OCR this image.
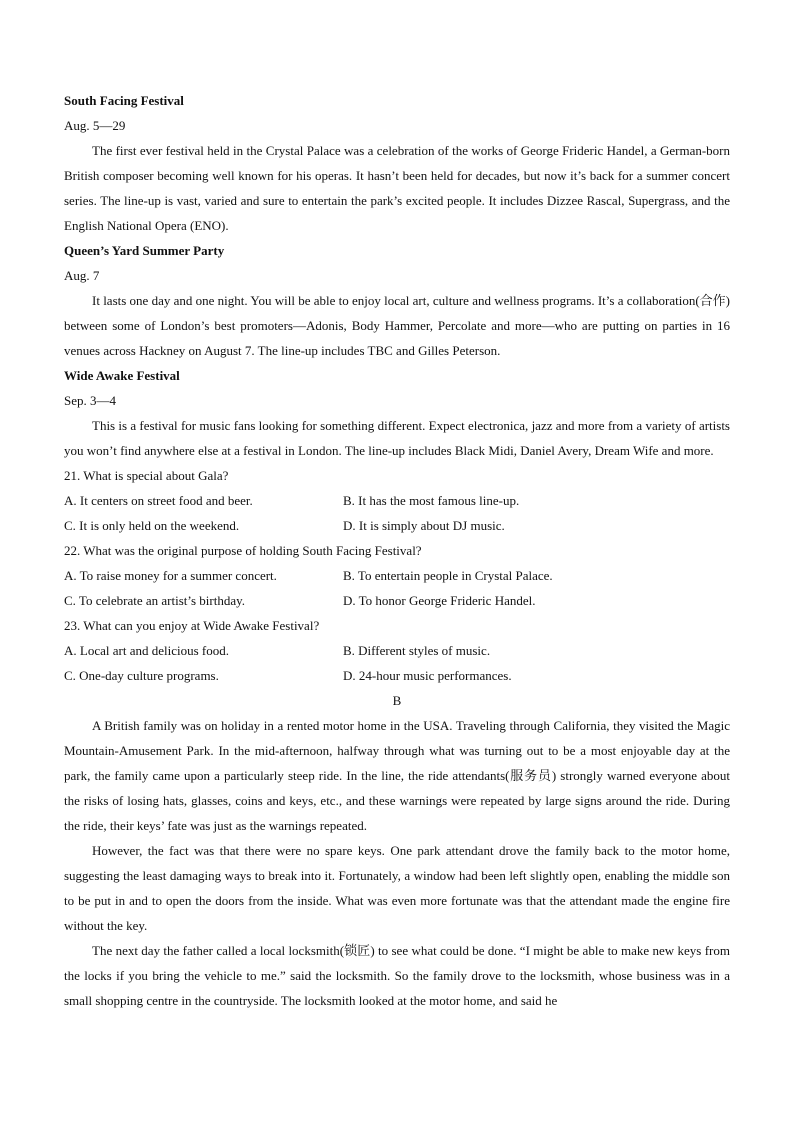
South Facing Festival
Aug. 5—29

The first ever festival held in the Crystal Palace was a celebration of the works of George Frideric Handel, a German-born British composer becoming well known for his operas. It hasn’t been held for decades, but now it’s back for a summer concert series. The line-up is vast, varied and sure to entertain the park’s excited people. It includes Dizzee Rascal, Supergrass, and the English National Opera (ENO).

Queen’s Yard Summer Party
Aug. 7

It lasts one day and one night. You will be able to enjoy local art, culture and wellness programs. It’s a collaboration(合作) between some of London’s best promoters—Adonis, Body Hammer, Percolate and more—who are putting on parties in 16 venues across Hackney on August 7. The line-up includes TBC and Gilles Peterson.

Wide Awake Festival
Sep. 3—4

This is a festival for music fans looking for something different. Expect electronica, jazz and more from a variety of artists you won’t find anywhere else at a festival in London. The line-up includes Black Midi, Daniel Avery, Dream Wife and more.

21. What is special about Gala?
A. It centers on street food and beer.	B. It has the most famous line-up.
C. It is only held on the weekend.	D. It is simply about DJ music.
22. What was the original purpose of holding South Facing Festival?
A. To raise money for a summer concert.	B. To entertain people in Crystal Palace.
C. To celebrate an artist’s birthday.	D. To honor George Frideric Handel.
23. What can you enjoy at Wide Awake Festival?
A. Local art and delicious food.	B. Different styles of music.
C. One-day culture programs.	D. 24-hour music performances.
B

A British family was on holiday in a rented motor home in the USA. Traveling through California, they visited the Magic Mountain-Amusement Park. In the mid-afternoon, halfway through what was turning out to be a most enjoyable day at the park, the family came upon a particularly steep ride. In the line, the ride attendants(服务员) strongly warned everyone about the risks of losing hats, glasses, coins and keys, etc., and these warnings were repeated by large signs around the ride. During the ride, their keys’ fate was just as the warnings repeated.

However, the fact was that there were no spare keys. One park attendant drove the family back to the motor home, suggesting the least damaging ways to break into it. Fortunately, a window had been left slightly open, enabling the middle son to be put in and to open the doors from the inside. What was even more fortunate was that the attendant made the engine fire without the key.

The next day the father called a local locksmith(锁匠) to see what could be done. “I might be able to make new keys from the locks if you bring the vehicle to me.” said the locksmith. So the family drove to the locksmith, whose business was in a small shopping centre in the countryside. The locksmith looked at the motor home, and said he
